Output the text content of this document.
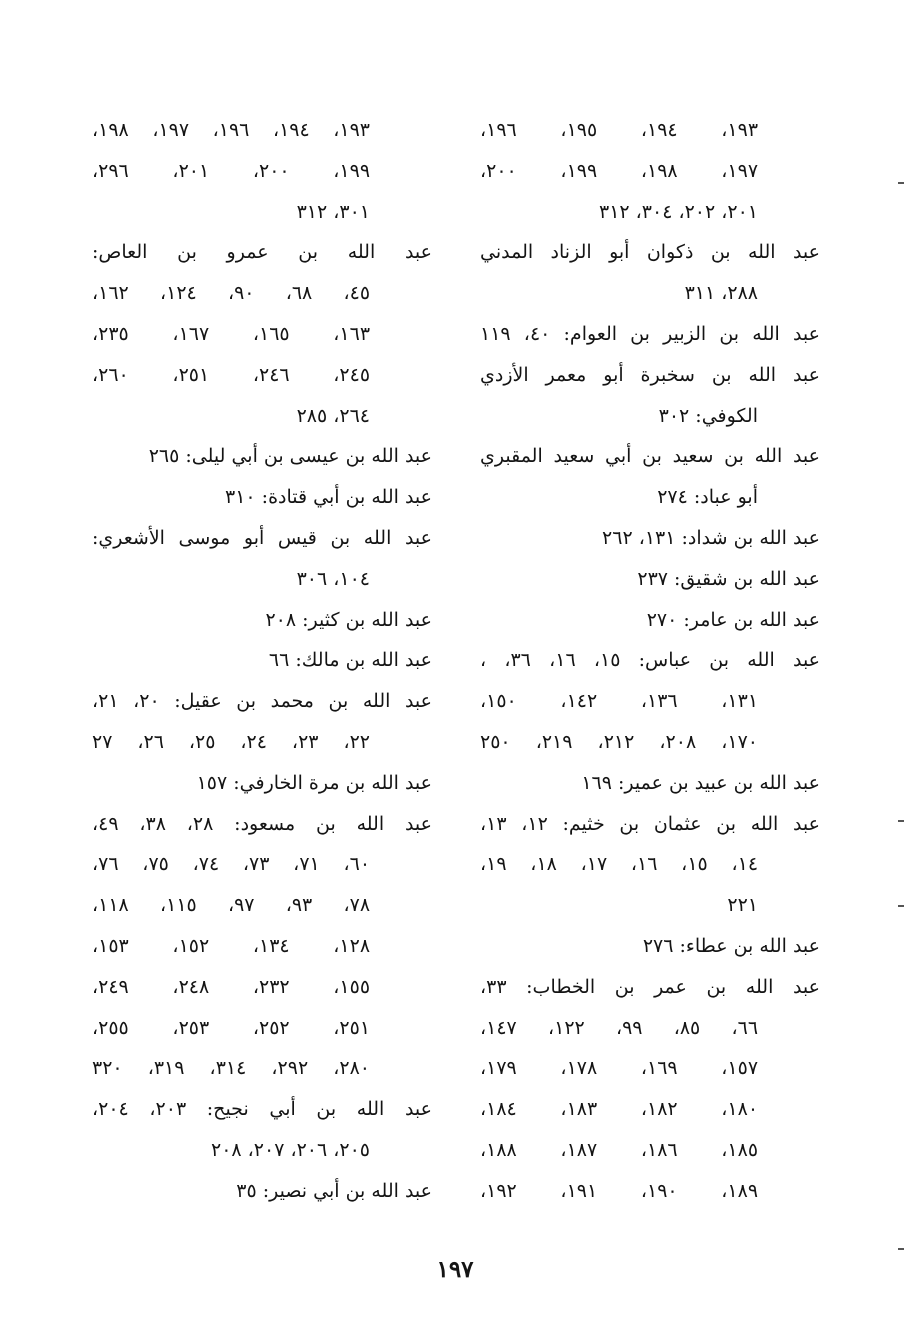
١٩٣، ١٩٤، ١٩٥، ١٩٦،
١٩٧، ١٩٨، ١٩٩، ٢٠٠،
٢٠١، ٢٠٢، ٣٠٤، ٣١٢
عبد الله بن ذكوان أبو الزناد المدني
٢٨٨، ٣١١
عبد الله بن الزبير بن العوام: ٤٠، ١١٩
عبد الله بن سخبرة أبو معمر الأزدي
الكوفي: ٣٠٢
عبد الله بن سعيد بن أبي سعيد المقبري
أبو عباد: ٢٧٤
عبد الله بن شداد: ١٣١، ٢٦٢
عبد الله بن شقيق: ٢٣٧
عبد الله بن عامر: ٢٧٠
عبد الله بن عباس: ١٥، ١٦، ٣٦، ،
١٣١، ١٣٦، ١٤٢، ١٥٠،
١٧٠، ٢٠٨، ٢١٢، ٢١٩، ٢٥٠
عبد الله بن عبيد بن عمير: ١٦٩
عبد الله بن عثمان بن خثيم: ١٢، ١٣،
١٤، ١٥، ١٦، ١٧، ١٨، ١٩،
٢٢١
عبد الله بن عطاء: ٢٧٦
عبد الله بن عمر بن الخطاب: ٣٣،
٦٦، ٨٥، ٩٩، ١٢٢، ١٤٧،
١٥٧، ١٦٩، ١٧٨، ١٧٩،
١٨٠، ١٨٢، ١٨٣، ١٨٤،
١٨٥، ١٨٦، ١٨٧، ١٨٨،
١٨٩، ١٩٠، ١٩١، ١٩٢،
١٩٣، ١٩٤، ١٩٦، ١٩٧، ١٩٨،
١٩٩، ٢٠٠، ٢٠١، ٢٩٦،
٣٠١، ٣١٢
عبد الله بن عمرو بن العاص:
٤٥، ٦٨، ٩٠، ١٢٤، ١٦٢،
١٦٣، ١٦٥، ١٦٧، ٢٣٥،
٢٤٥، ٢٤٦، ٢٥١، ٢٦٠،
٢٦٤، ٢٨٥
عبد الله بن عيسى بن أبي ليلى: ٢٦٥
عبد الله بن أبي قتادة: ٣١٠
عبد الله بن قيس أبو موسى الأشعري:
١٠٤، ٣٠٦
عبد الله بن كثير: ٢٠٨
عبد الله بن مالك: ٦٦
عبد الله بن محمد بن عقيل: ٢٠، ٢١،
٢٢، ٢٣، ٢٤، ٢٥، ٢٦، ٢٧
عبد الله بن مرة الخارفي: ١٥٧
عبد الله بن مسعود: ٢٨، ٣٨، ٤٩،
٦٠، ٧١، ٧٣، ٧٤، ٧٥، ٧٦،
٧٨، ٩٣، ٩٧، ١١٥، ١١٨،
١٢٨، ١٣٤، ١٥٢، ١٥٣،
١٥٥، ٢٣٢، ٢٤٨، ٢٤٩،
٢٥١، ٢٥٢، ٢٥٣، ٢٥٥،
٢٨٠، ٢٩٢، ٣١٤، ٣١٩، ٣٢٠
عبد الله بن أبي نجيح: ٢٠٣، ٢٠٤،
٢٠٥، ٢٠٦، ٢٠٧، ٢٠٨
عبد الله بن أبي نصير: ٣٥
١٩٧
